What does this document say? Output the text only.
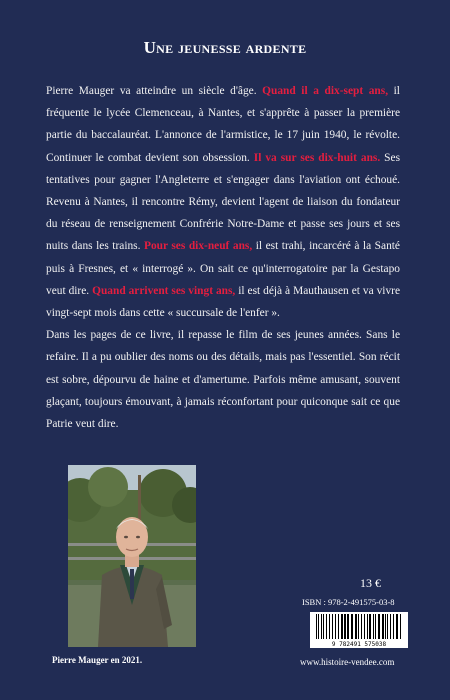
Une jeunesse ardente

Pierre Mauger va atteindre un siècle d'âge. Quand il a dix-sept ans, il fréquente le lycée Clemenceau, à Nantes, et s'apprête à passer la première partie du baccalauréat. L'annonce de l'armistice, le 17 juin 1940, le révolte. Continuer le combat devient son obsession. Il va sur ses dix-huit ans. Ses tentatives pour gagner l'Angleterre et s'engager dans l'aviation ont échoué. Revenu à Nantes, il rencontre Rémy, devient l'agent de liaison du fondateur du réseau de renseignement Confrérie Notre-Dame et passe ses jours et ses nuits dans les trains. Pour ses dix-neuf ans, il est trahi, incarcéré à la Santé puis à Fresnes, et « interrogé ». On sait ce qu'interrogatoire par la Gestapo veut dire. Quand arrivent ses vingt ans, il est déjà à Mauthausen et va vivre vingt-sept mois dans cette « succursale de l'enfer ».

Dans les pages de ce livre, il repasse le film de ses jeunes années. Sans le refaire. Il a pu oublier des noms ou des détails, mais pas l'essentiel. Son récit est sobre, dépourvu de haine et d'amertume. Parfois même amusant, souvent glaçant, toujours émouvant, à jamais réconfortant pour quiconque sait ce que Patrie veut dire.

Pierre Mauger en 2021.
13 €
ISBN : 978-2-491575-03-8
9 782491 575038
www.histoire-vendee.com
